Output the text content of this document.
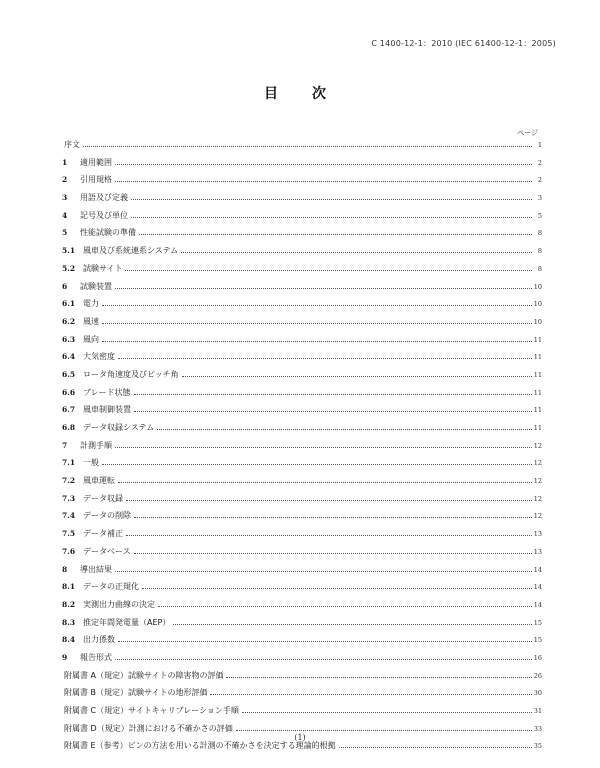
C 1400-12-1：2010 (IEC 61400-12-1：2005)
目　次
ページ
序文	1
1	適用範囲	2
2	引用規格	2
3	用語及び定義	3
4	記号及び単位	5
5	性能試験の準備	8
5.1 風車及び系統連系システム	8
5.2 試験サイト	8
6	試験装置	10
6.1 電力	10
6.2 風速	10
6.3 風向	11
6.4 大気密度	11
6.5 ロータ角速度及びピッチ角	11
6.6 ブレード状態	11
6.7 風車制御装置	11
6.8 データ収録システム	11
7	計測手順	12
7.1 一般	12
7.2 風車運転	12
7.3 データ収録	12
7.4 データの削除	12
7.5 データ補正	13
7.6 データベース	13
8	導出結果	14
8.1 データの正規化	14
8.2 実測出力曲線の決定	14
8.3 推定年間発電量（AEP）	15
8.4 出力係数	15
9	報告形式	16
附属書 A（規定）試験サイトの障害物の評価	26
附属書 B（規定）試験サイトの地形評価	30
附属書 C（規定）サイトキャリブレーション手順	31
附属書 D（規定）計測における不確かさの評価	33
附属書 E（参考）ビンの方法を用いる計測の不確かさを決定する理論的根拠	35
(1)
